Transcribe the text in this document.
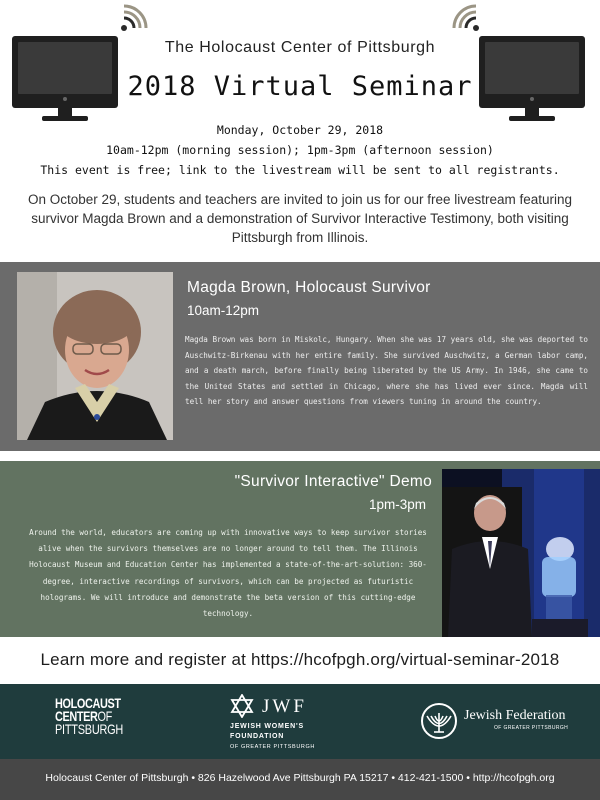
The Holocaust Center of Pittsburgh
2018 Virtual Seminar
Monday, October 29, 2018
10am-12pm (morning session); 1pm-3pm (afternoon session)
This event is free; link to the livestream will be sent to all registrants.
On October 29, students and teachers are invited to join us for our free livestream featuring survivor Magda Brown and a demonstration of Survivor Interactive Testimony, both visiting Pittsburgh from Illinois.
Magda Brown, Holocaust Survivor
10am-12pm
Magda Brown was born in Miskolc, Hungary. When she was 17 years old, she was deported to Auschwitz-Birkenau with her entire family. She survived Auschwitz, a German labor camp, and a death march, before finally being liberated by the US Army. In 1946, she came to the United States and settled in Chicago, where she has lived ever since. Magda will tell her story and answer questions from viewers tuning in around the country.
"Survivor Interactive" Demo
1pm-3pm
Around the world, educators are coming up with innovative ways to keep survivor stories alive when the survivors themselves are no longer around to tell them. The Illinois Holocaust Museum and Education Center has implemented a state-of-the-art-solution: 360-degree, interactive recordings of survivors, which can be projected as futuristic holograms. We will introduce and demonstrate the beta version of this cutting-edge technology.
Learn more and register at https://hcofpgh.org/virtual-seminar-2018
HOLOCAUST
CENTEROF
PITTSBURGH
JWF
JEWISH WOMEN'S
FOUNDATION
OF GREATER PITTSBURGH
Jewish Federation
OF GREATER PITTSBURGH
Holocaust Center of Pittsburgh • 826 Hazelwood Ave Pittsburgh PA 15217 • 412-421-1500 • http://hcofpgh.org
